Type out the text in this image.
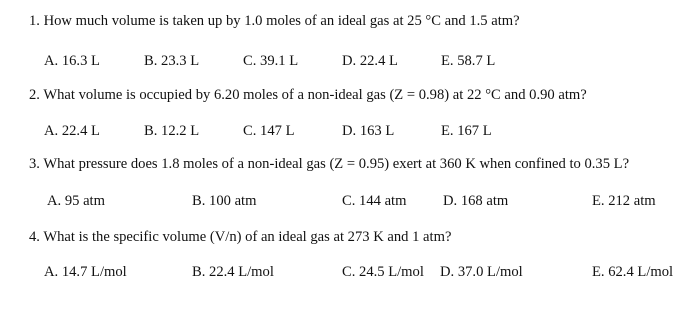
1. How much volume is taken up by 1.0 moles of an ideal gas at 25 °C and 1.5 atm?
A. 16.3 L	B. 23.3 L	C. 39.1 L	D. 22.4 L	E. 58.7 L
2. What volume is occupied by 6.20 moles of a non-ideal gas (Z = 0.98) at 22 °C and 0.90 atm?
A. 22.4 L	B. 12.2 L	C. 147 L	D. 163 L	E. 167 L
3. What pressure does 1.8 moles of a non-ideal gas (Z = 0.95) exert at 360 K when confined to 0.35 L?
A. 95 atm	B. 100 atm	C. 144 atm	D. 168 atm	E. 212 atm
4. What is the specific volume (V/n) of an ideal gas at 273 K and 1 atm?
A. 14.7 L/mol	B. 22.4 L/mol	C. 24.5 L/mol D. 37.0 L/mol	E. 62.4 L/mol
